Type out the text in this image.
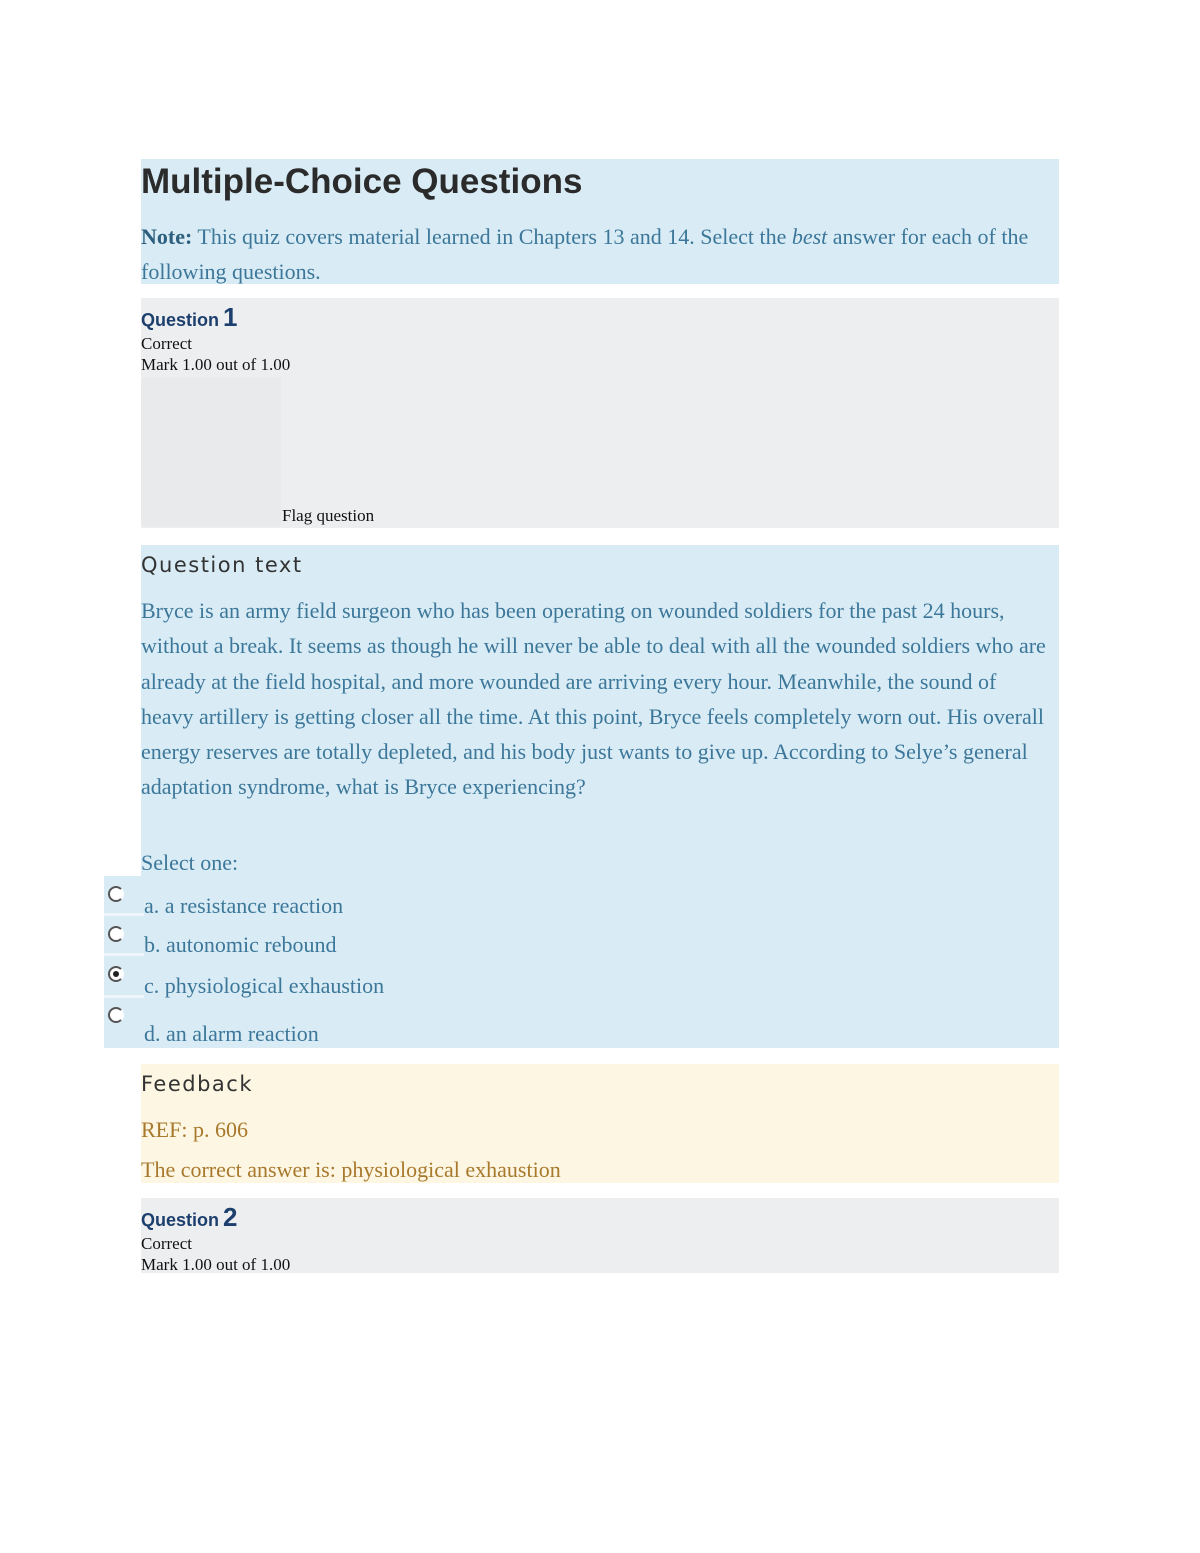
Multiple-Choice Questions

Note: This quiz covers material learned in Chapters 13 and 14. Select the best answer for each of the following questions.

Question 1
Correct
Mark 1.00 out of 1.00
Flag question
Question text

Bryce is an army field surgeon who has been operating on wounded soldiers for the past 24 hours, without a break. It seems as though he will never be able to deal with all the wounded soldiers who are already at the field hospital, and more wounded are arriving every hour. Meanwhile, the sound of heavy artillery is getting closer all the time. At this point, Bryce feels completely worn out. His overall energy reserves are totally depleted, and his body just wants to give up. According to Selye’s general adaptation syndrome, what is Bryce experiencing?

Select one:
a. a resistance reaction
b. autonomic rebound
c. physiological exhaustion
d. an alarm reaction
Feedback
REF: p. 606
The correct answer is: physiological exhaustion
Question 2
Correct
Mark 1.00 out of 1.00
